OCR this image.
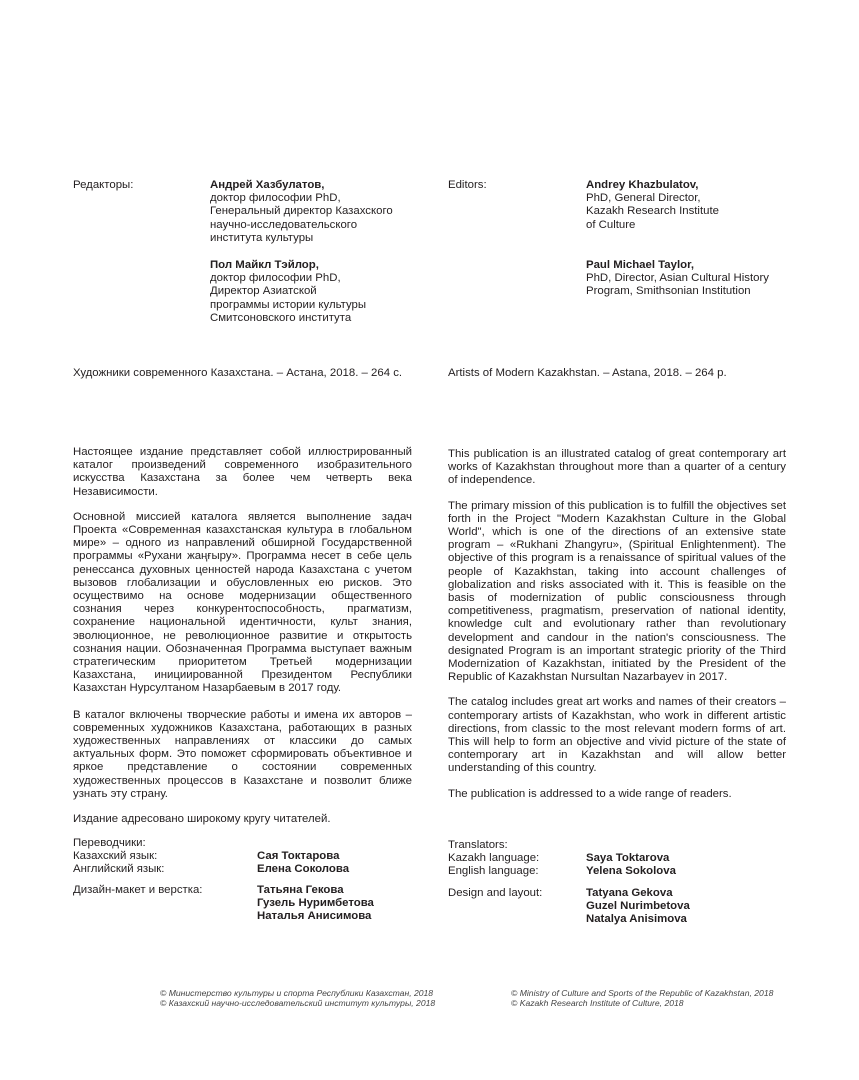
Редакторы:	Андрей Хазбулатов,
доктор философии PhD,
Генеральный директор Казахского
научно-исследовательского
института культуры
Пол Майкл Тэйлор,
доктор философии PhD,
Директор Азиатской
программы истории культуры
Смитсоновского института
Художники современного Казахстана. – Астана, 2018. – 264 с.

Настоящее издание представляет собой иллюстрированный каталог произведений современного изобразительного искусства Казахстана за более чем четверть века Независимости.

Основной миссией каталога является выполнение задач Проекта «Современная казахстанская культура в глобальном мире» – одного из направлений обширной Государственной программы «Рухани жаңғыру». Программа несет в себе цель ренессанса духовных ценностей народа Казахстана с учетом вызовов глобализации и обусловленных ею рисков. Это осуществимо на основе модернизации общественного сознания через конкурентоспособность, прагматизм, сохранение национальной идентичности, культ знания, эволюционное, не революционное развитие и открытость сознания нации. Обозначенная Программа выступает важным стратегическим приоритетом Третьей модернизации Казахстана, инициированной Президентом Республики Казахстан Нурсултаном Назарбаевым в 2017 году.

В каталог включены творческие работы и имена их авторов – современных художников Казахстана, работающих в разных художественных направлениях от классики до самых актуальных форм. Это поможет сформировать объективное и яркое представление о состоянии современных художественных процессов в Казахстане и позволит ближе узнать эту страну.

Издание адресовано широкому кругу читателей.

Переводчики:
Казахский язык:	Сая Токтарова
Английский язык:	Елена Соколова
Дизайн-макет и верстка:	Татьяна Гекова
Гузель Нуримбетова
Наталья Анисимова
© Министерство культуры и спорта Республики Казахстан, 2018
© Казахский научно-исследовательский институт культуры, 2018
Editors:	Andrey Khazbulatov,
PhD, General Director,
Kazakh Research Institute
of Culture
Paul Michael Taylor,
PhD, Director, Asian Cultural History
Program, Smithsonian Institution
Artists of Modern Kazakhstan. – Astana, 2018. – 264 p.

This publication is an illustrated catalog of great contemporary art works of Kazakhstan throughout more than a quarter of a century of independence.

The primary mission of this publication is to fulfill the objectives set forth in the Project "Modern Kazakhstan Culture in the Global World", which is one of the directions of an extensive state program – «Rukhani Zhangyru», (Spiritual Enlightenment). The objective of this program is a renaissance of spiritual values of the people of Kazakhstan, taking into account challenges of globalization and risks associated with it. This is feasible on the basis of modernization of public consciousness through competitiveness, pragmatism, preservation of national identity, knowledge cult and evolutionary rather than revolutionary development and candour in the nation's consciousness. The designated Program is an important strategic priority of the Third Modernization of Kazakhstan, initiated by the President of the Republic of Kazakhstan Nursultan Nazarbayev in 2017.

The catalog includes great art works and names of their creators – contemporary artists of Kazakhstan, who work in different artistic directions, from classic to the most relevant modern forms of art. This will help to form an objective and vivid picture of the state of contemporary art in Kazakhstan and will allow better understanding of this country.

The publication is addressed to a wide range of readers.

Translators:
Kazakh language:	Saya Toktarova
English language:	Yelena Sokolova
Design and layout:	Tatyana Gekova
Guzel Nurimbetova
Natalya Anisimova
© Ministry of Culture and Sports of the Republic of Kazakhstan, 2018
© Kazakh Research Institute of Culture, 2018
